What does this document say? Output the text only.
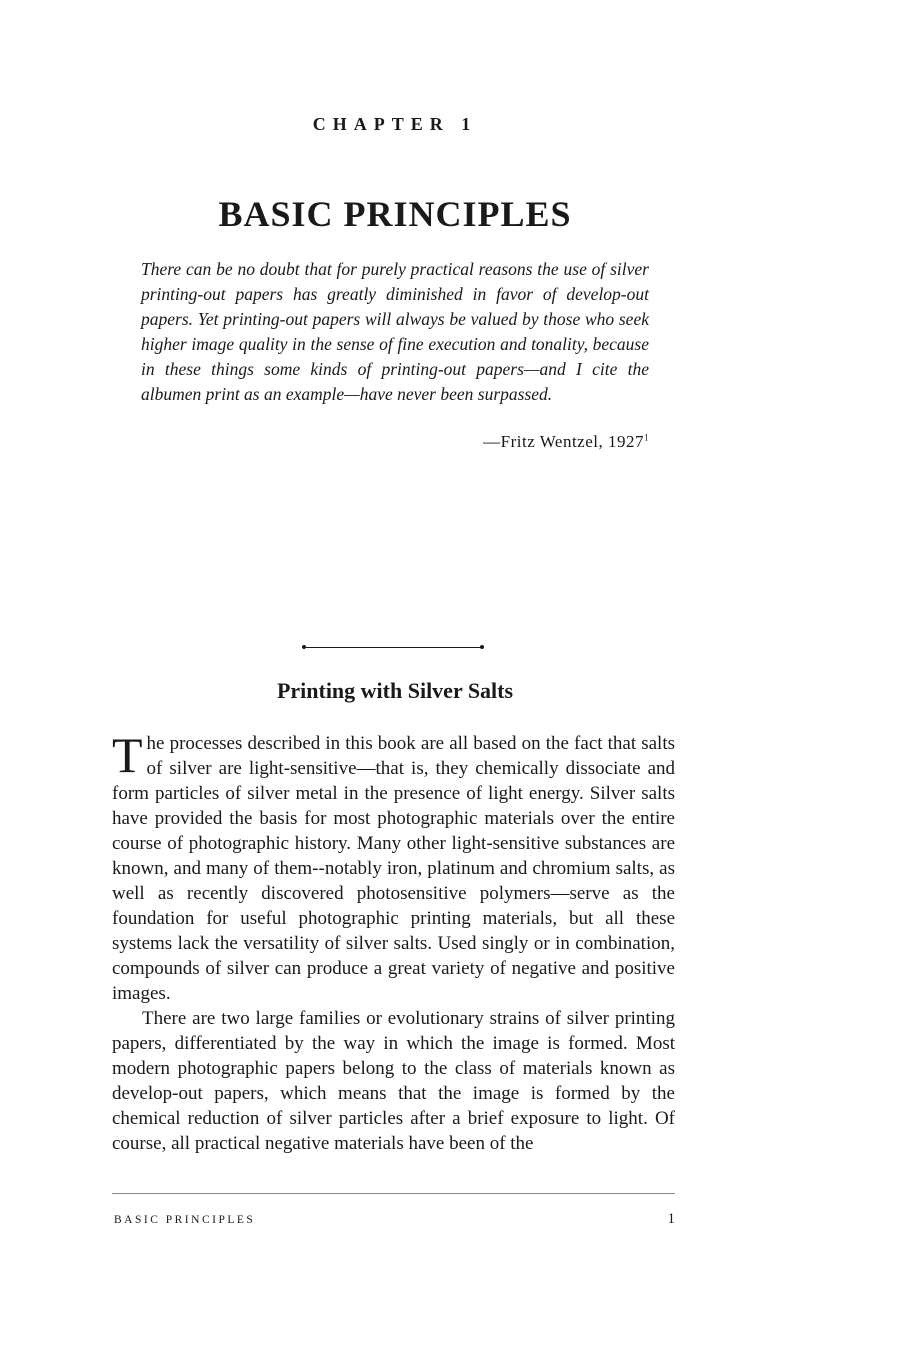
CHAPTER 1
BASIC PRINCIPLES

There can be no doubt that for purely practical reasons the use of silver printing-out papers has greatly diminished in favor of develop-out papers. Yet printing-out papers will always be valued by those who seek higher image quality in the sense of fine execution and tonality, because in these things some kinds of printing-out papers—and I cite the albumen print as an example—have never been surpassed.

—Fritz Wentzel, 1927$^1$
Printing with Silver Salts

The processes described in this book are all based on the fact that salts of silver are light-sensitive—that is, they chemically dissociate and form particles of silver metal in the presence of light energy. Silver salts have provided the basis for most photographic materials over the entire course of photographic history. Many other light-sensitive substances are known, and many of them--notably iron, platinum and chromium salts, as well as recently discovered photosensitive polymers—serve as the foundation for useful photographic printing materials, but all these systems lack the versatility of silver salts. Used singly or in combination, compounds of silver can produce a great variety of negative and positive images.

There are two large families or evolutionary strains of silver printing papers, differentiated by the way in which the image is formed. Most modern photographic papers belong to the class of materials known as develop-out papers, which means that the image is formed by the chemical reduction of silver particles after a brief exposure to light. Of course, all practical negative materials have been of the

BASIC PRINCIPLES	1
